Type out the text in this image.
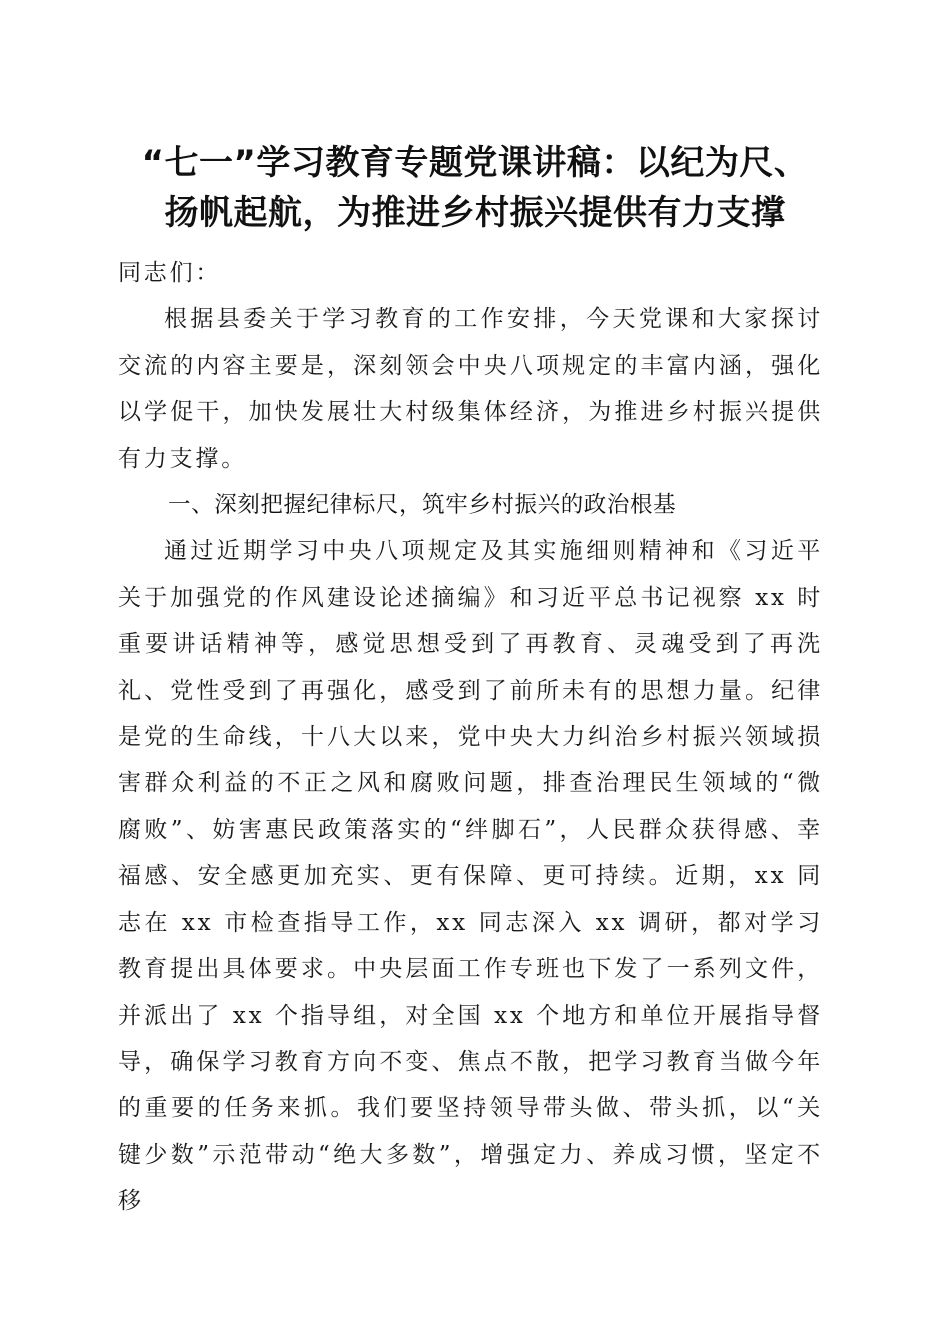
“七一”学习教育专题党课讲稿：以纪为尺、
扬帆起航，为推进乡村振兴提供有力支撑

同志们：

根据县委关于学习教育的工作安排，今天党课和大家探讨交流的内容主要是，深刻领会中央八项规定的丰富内涵，强化以学促干，加快发展壮大村级集体经济，为推进乡村振兴提供有力支撑。

一、深刻把握纪律标尺，筑牢乡村振兴的政治根基

通过近期学习中央八项规定及其实施细则精神和《习近平关于加强党的作风建设论述摘编》和习近平总书记视察 xx 时重要讲话精神等，感觉思想受到了再教育、灵魂受到了再洗礼、党性受到了再强化，感受到了前所未有的思想力量。纪律是党的生命线，十八大以来，党中央大力纠治乡村振兴领域损害群众利益的不正之风和腐败问题，排查治理民生领域的“微腐败”、妨害惠民政策落实的“绊脚石”，人民群众获得感、幸福感、安全感更加充实、更有保障、更可持续。近期，xx 同志在 xx 市检查指导工作，xx 同志深入 xx 调研，都对学习教育提出具体要求。中央层面工作专班也下发了一系列文件，并派出了 xx 个指导组，对全国 xx 个地方和单位开展指导督导，确保学习教育方向不变、焦点不散，把学习教育当做今年的重要的任务来抓。我们要坚持领导带头做、带头抓，以“关键少数”示范带动“绝大多数”，增强定力、养成习惯，坚定不移
